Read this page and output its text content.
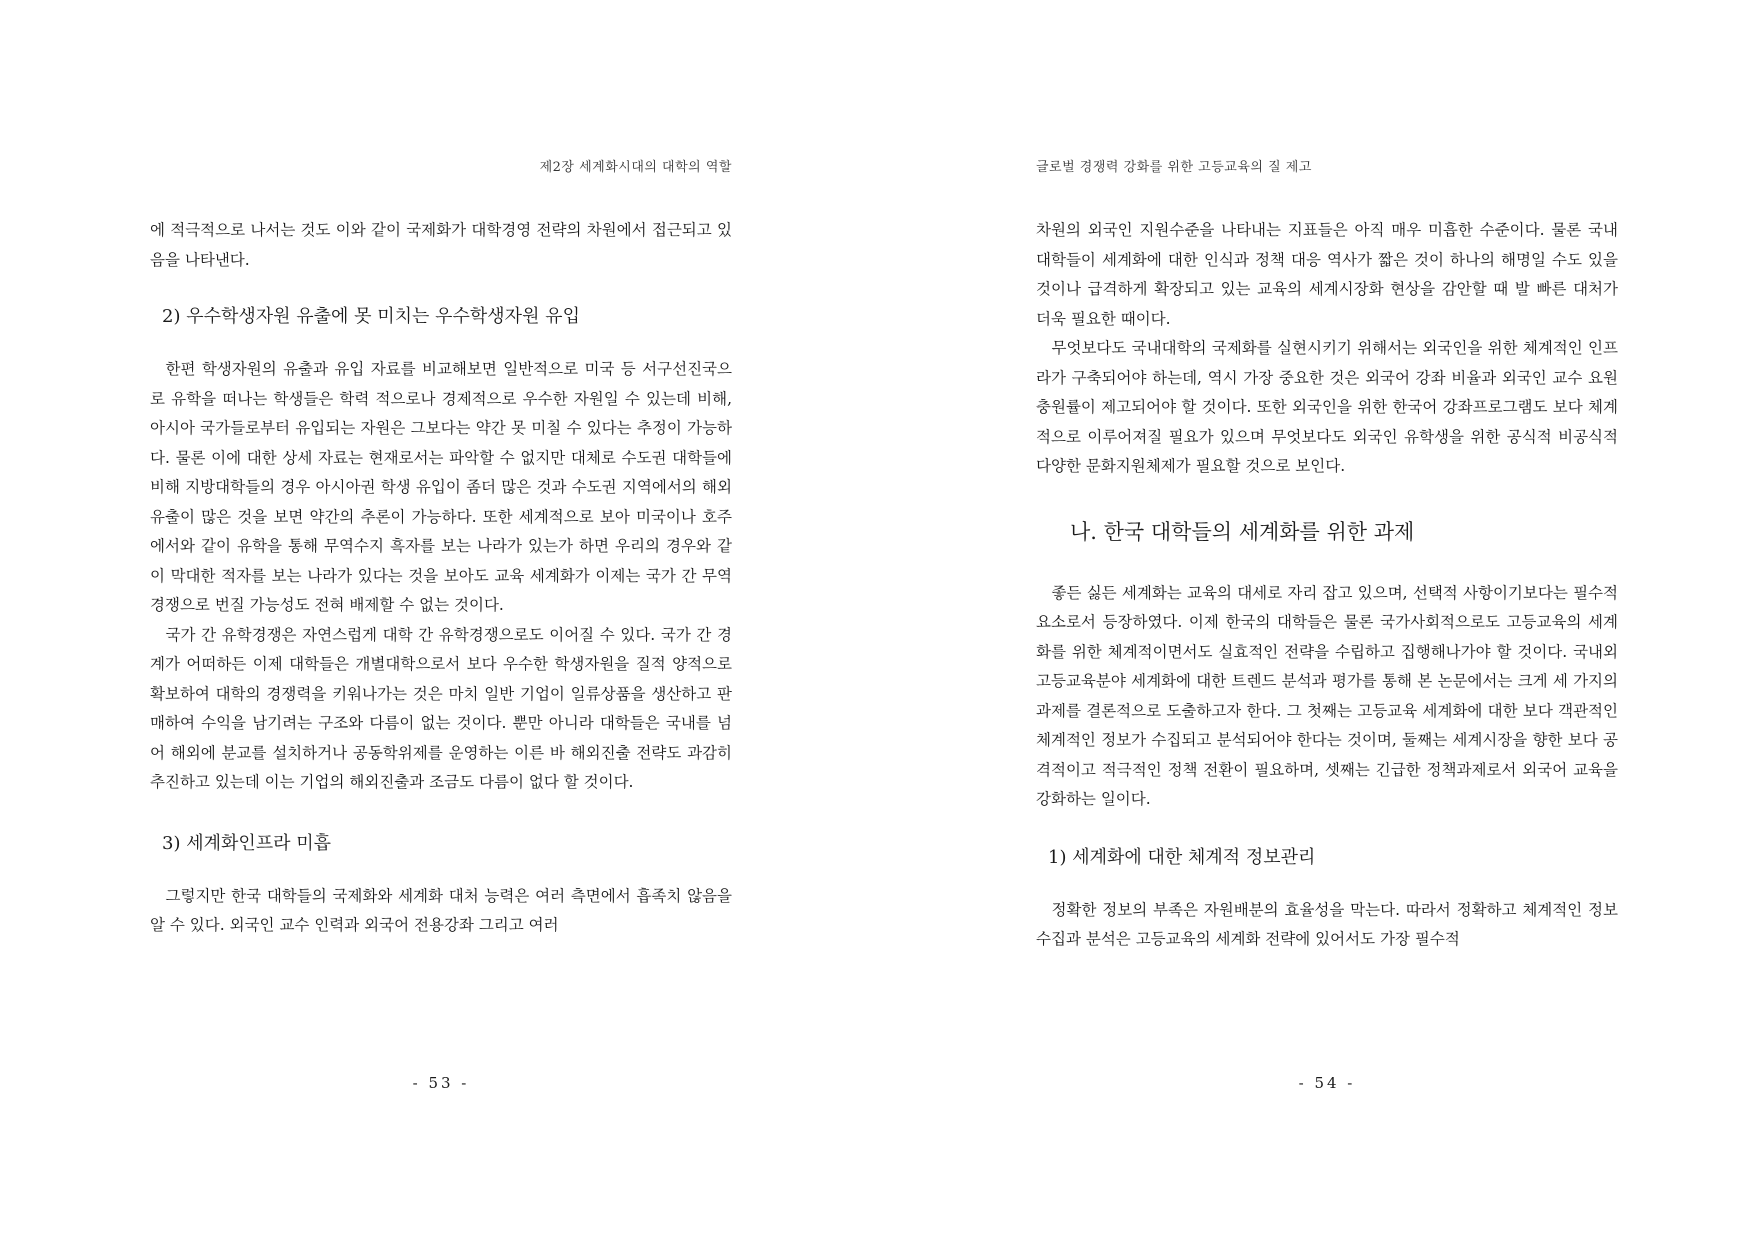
제2장 세계화시대의 대학의 역할

에 적극적으로 나서는 것도 이와 같이 국제화가 대학경영 전략의 차원에서 접근되고 있음을 나타낸다.

2) 우수학생자원 유출에 못 미치는 우수학생자원 유입

한편 학생자원의 유출과 유입 자료를 비교해보면 일반적으로 미국 등 서구선진국으로 유학을 떠나는 학생들은 학력 적으로나 경제적으로 우수한 자원일 수 있는데 비해, 아시아 국가들로부터 유입되는 자원은 그보다는 약간 못 미칠 수 있다는 추정이 가능하다. 물론 이에 대한 상세 자료는 현재로서는 파악할 수 없지만 대체로 수도권 대학들에 비해 지방대학들의 경우 아시아권 학생 유입이 좀더 많은 것과 수도권 지역에서의 해외유출이 많은 것을 보면 약간의 추론이 가능하다. 또한 세계적으로 보아 미국이나 호주에서와 같이 유학을 통해 무역수지 흑자를 보는 나라가 있는가 하면 우리의 경우와 같이 막대한 적자를 보는 나라가 있다는 것을 보아도 교육 세계화가 이제는 국가 간 무역 경쟁으로 번질 가능성도 전혀 배제할 수 없는 것이다.

국가 간 유학경쟁은 자연스럽게 대학 간 유학경쟁으로도 이어질 수 있다. 국가 간 경계가 어떠하든 이제 대학들은 개별대학으로서 보다 우수한 학생자원을 질적 양적으로 확보하여 대학의 경쟁력을 키워나가는 것은 마치 일반 기업이 일류상품을 생산하고 판매하여 수익을 남기려는 구조와 다름이 없는 것이다. 뿐만 아니라 대학들은 국내를 넘어 해외에 분교를 설치하거나 공동학위제를 운영하는 이른 바 해외진출 전략도 과감히 추진하고 있는데 이는 기업의 해외진출과 조금도 다름이 없다 할 것이다.

3) 세계화인프라 미흡

그렇지만 한국 대학들의 국제화와 세계화 대처 능력은 여러 측면에서 흡족치 않음을 알 수 있다. 외국인 교수 인력과 외국어 전용강좌 그리고 여러

- 53 -
글로벌 경쟁력 강화를 위한 고등교육의 질 제고

차원의 외국인 지원수준을 나타내는 지표들은 아직 매우 미흡한 수준이다. 물론 국내 대학들이 세계화에 대한 인식과 정책 대응 역사가 짧은 것이 하나의 해명일 수도 있을 것이나 급격하게 확장되고 있는 교육의 세계시장화 현상을 감안할 때 발 빠른 대처가 더욱 필요한 때이다.

무엇보다도 국내대학의 국제화를 실현시키기 위해서는 외국인을 위한 체계적인 인프라가 구축되어야 하는데, 역시 가장 중요한 것은 외국어 강좌 비율과 외국인 교수 요원 충원률이 제고되어야 할 것이다. 또한 외국인을 위한 한국어 강좌프로그램도 보다 체계적으로 이루어져질 필요가 있으며 무엇보다도 외국인 유학생을 위한 공식적 비공식적 다양한 문화지원체제가 필요할 것으로 보인다.

나. 한국 대학들의 세계화를 위한 과제

좋든 싫든 세계화는 교육의 대세로 자리 잡고 있으며, 선택적 사항이기보다는 필수적 요소로서 등장하였다. 이제 한국의 대학들은 물론 국가사회적으로도 고등교육의 세계화를 위한 체계적이면서도 실효적인 전략을 수립하고 집행해나가야 할 것이다. 국내외 고등교육분야 세계화에 대한 트렌드 분석과 평가를 통해 본 논문에서는 크게 세 가지의 과제를 결론적으로 도출하고자 한다. 그 첫째는 고등교육 세계화에 대한 보다 객관적인 체계적인 정보가 수집되고 분석되어야 한다는 것이며, 둘째는 세계시장을 향한 보다 공격적이고 적극적인 정책 전환이 필요하며, 셋째는 긴급한 정책과제로서 외국어 교육을 강화하는 일이다.

1) 세계화에 대한 체계적 정보관리

정확한 정보의 부족은 자원배분의 효율성을 막는다. 따라서 정확하고 체계적인 정보수집과 분석은 고등교육의 세계화 전략에 있어서도 가장 필수적

- 54 -
